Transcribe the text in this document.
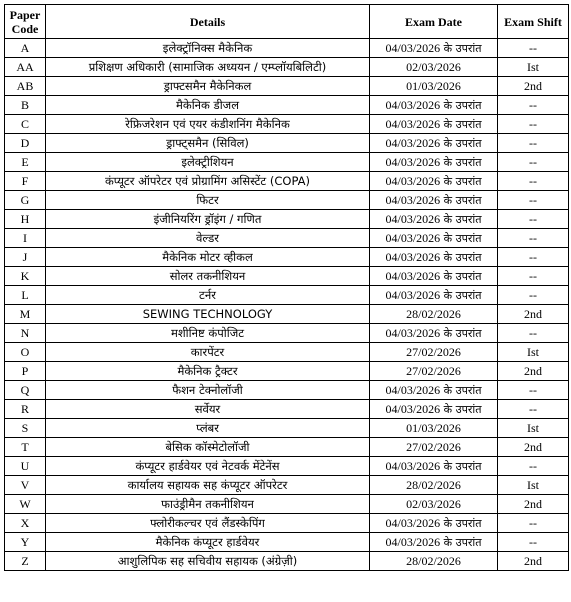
Paper
Code	Details	Exam Date	Exam Shift
A	इलेक्ट्रॉनिक्स मैकेनिक	04/03/2026 के उपरांत	--
AA	प्रशिक्षण अधिकारी (सामाजिक अध्ययन / एम्प्लॉयबिलिटी)	02/03/2026	Ist
AB	ड्राफ्टसमैन मैकेनिकल	01/03/2026	2nd
B	मैकेनिक डीजल	04/03/2026 के उपरांत	--
C	रेफ्रिजरेशन एवं एयर कंडीशनिंग मैकेनिक	04/03/2026 के उपरांत	--
D	ड्राफ्ट्समैन (सिविल)	04/03/2026 के उपरांत	--
E	इलेक्ट्रीशियन	04/03/2026 के उपरांत	--
F	कंप्यूटर ऑपरेटर एवं प्रोग्रामिंग असिस्टेंट (COPA)	04/03/2026 के उपरांत	--
G	फिटर	04/03/2026 के उपरांत	--
H	इंजीनियरिंग ड्रॉइंग / गणित	04/03/2026 के उपरांत	--
I	वेल्डर	04/03/2026 के उपरांत	--
J	मैकेनिक मोटर व्हीकल	04/03/2026 के उपरांत	--
K	सोलर तकनीशियन	04/03/2026 के उपरांत	--
L	टर्नर	04/03/2026 के उपरांत	--
M	SEWING TECHNOLOGY	28/02/2026	2nd
N	मशीनिष्ट कंपोजिट	04/03/2026 के उपरांत	--
O	कारपेंटर	27/02/2026	Ist
P	मैकेनिक ट्रैक्टर	27/02/2026	2nd
Q	फैशन टेक्नोलॉजी	04/03/2026 के उपरांत	--
R	सर्वेयर	04/03/2026 के उपरांत	--
S	प्लंबर	01/03/2026	Ist
T	बेसिक कॉस्मेटोलॉजी	27/02/2026	2nd
U	कंप्यूटर हार्डवेयर एवं नेटवर्क मेंटेनेंस	04/03/2026 के उपरांत	--
V	कार्यालय सहायक सह कंप्यूटर ऑपरेटर	28/02/2026	Ist
W	फाउंड्रीमैन तकनीशियन	02/03/2026	2nd
X	फ्लोरीकल्चर एवं लैंडस्केपिंग	04/03/2026 के उपरांत	--
Y	मैकेनिक कंप्यूटर हार्डवेयर	04/03/2026 के उपरांत	--
Z	आशुलिपिक सह सचिवीय सहायक (अंग्रेज़ी)	28/02/2026	2nd
